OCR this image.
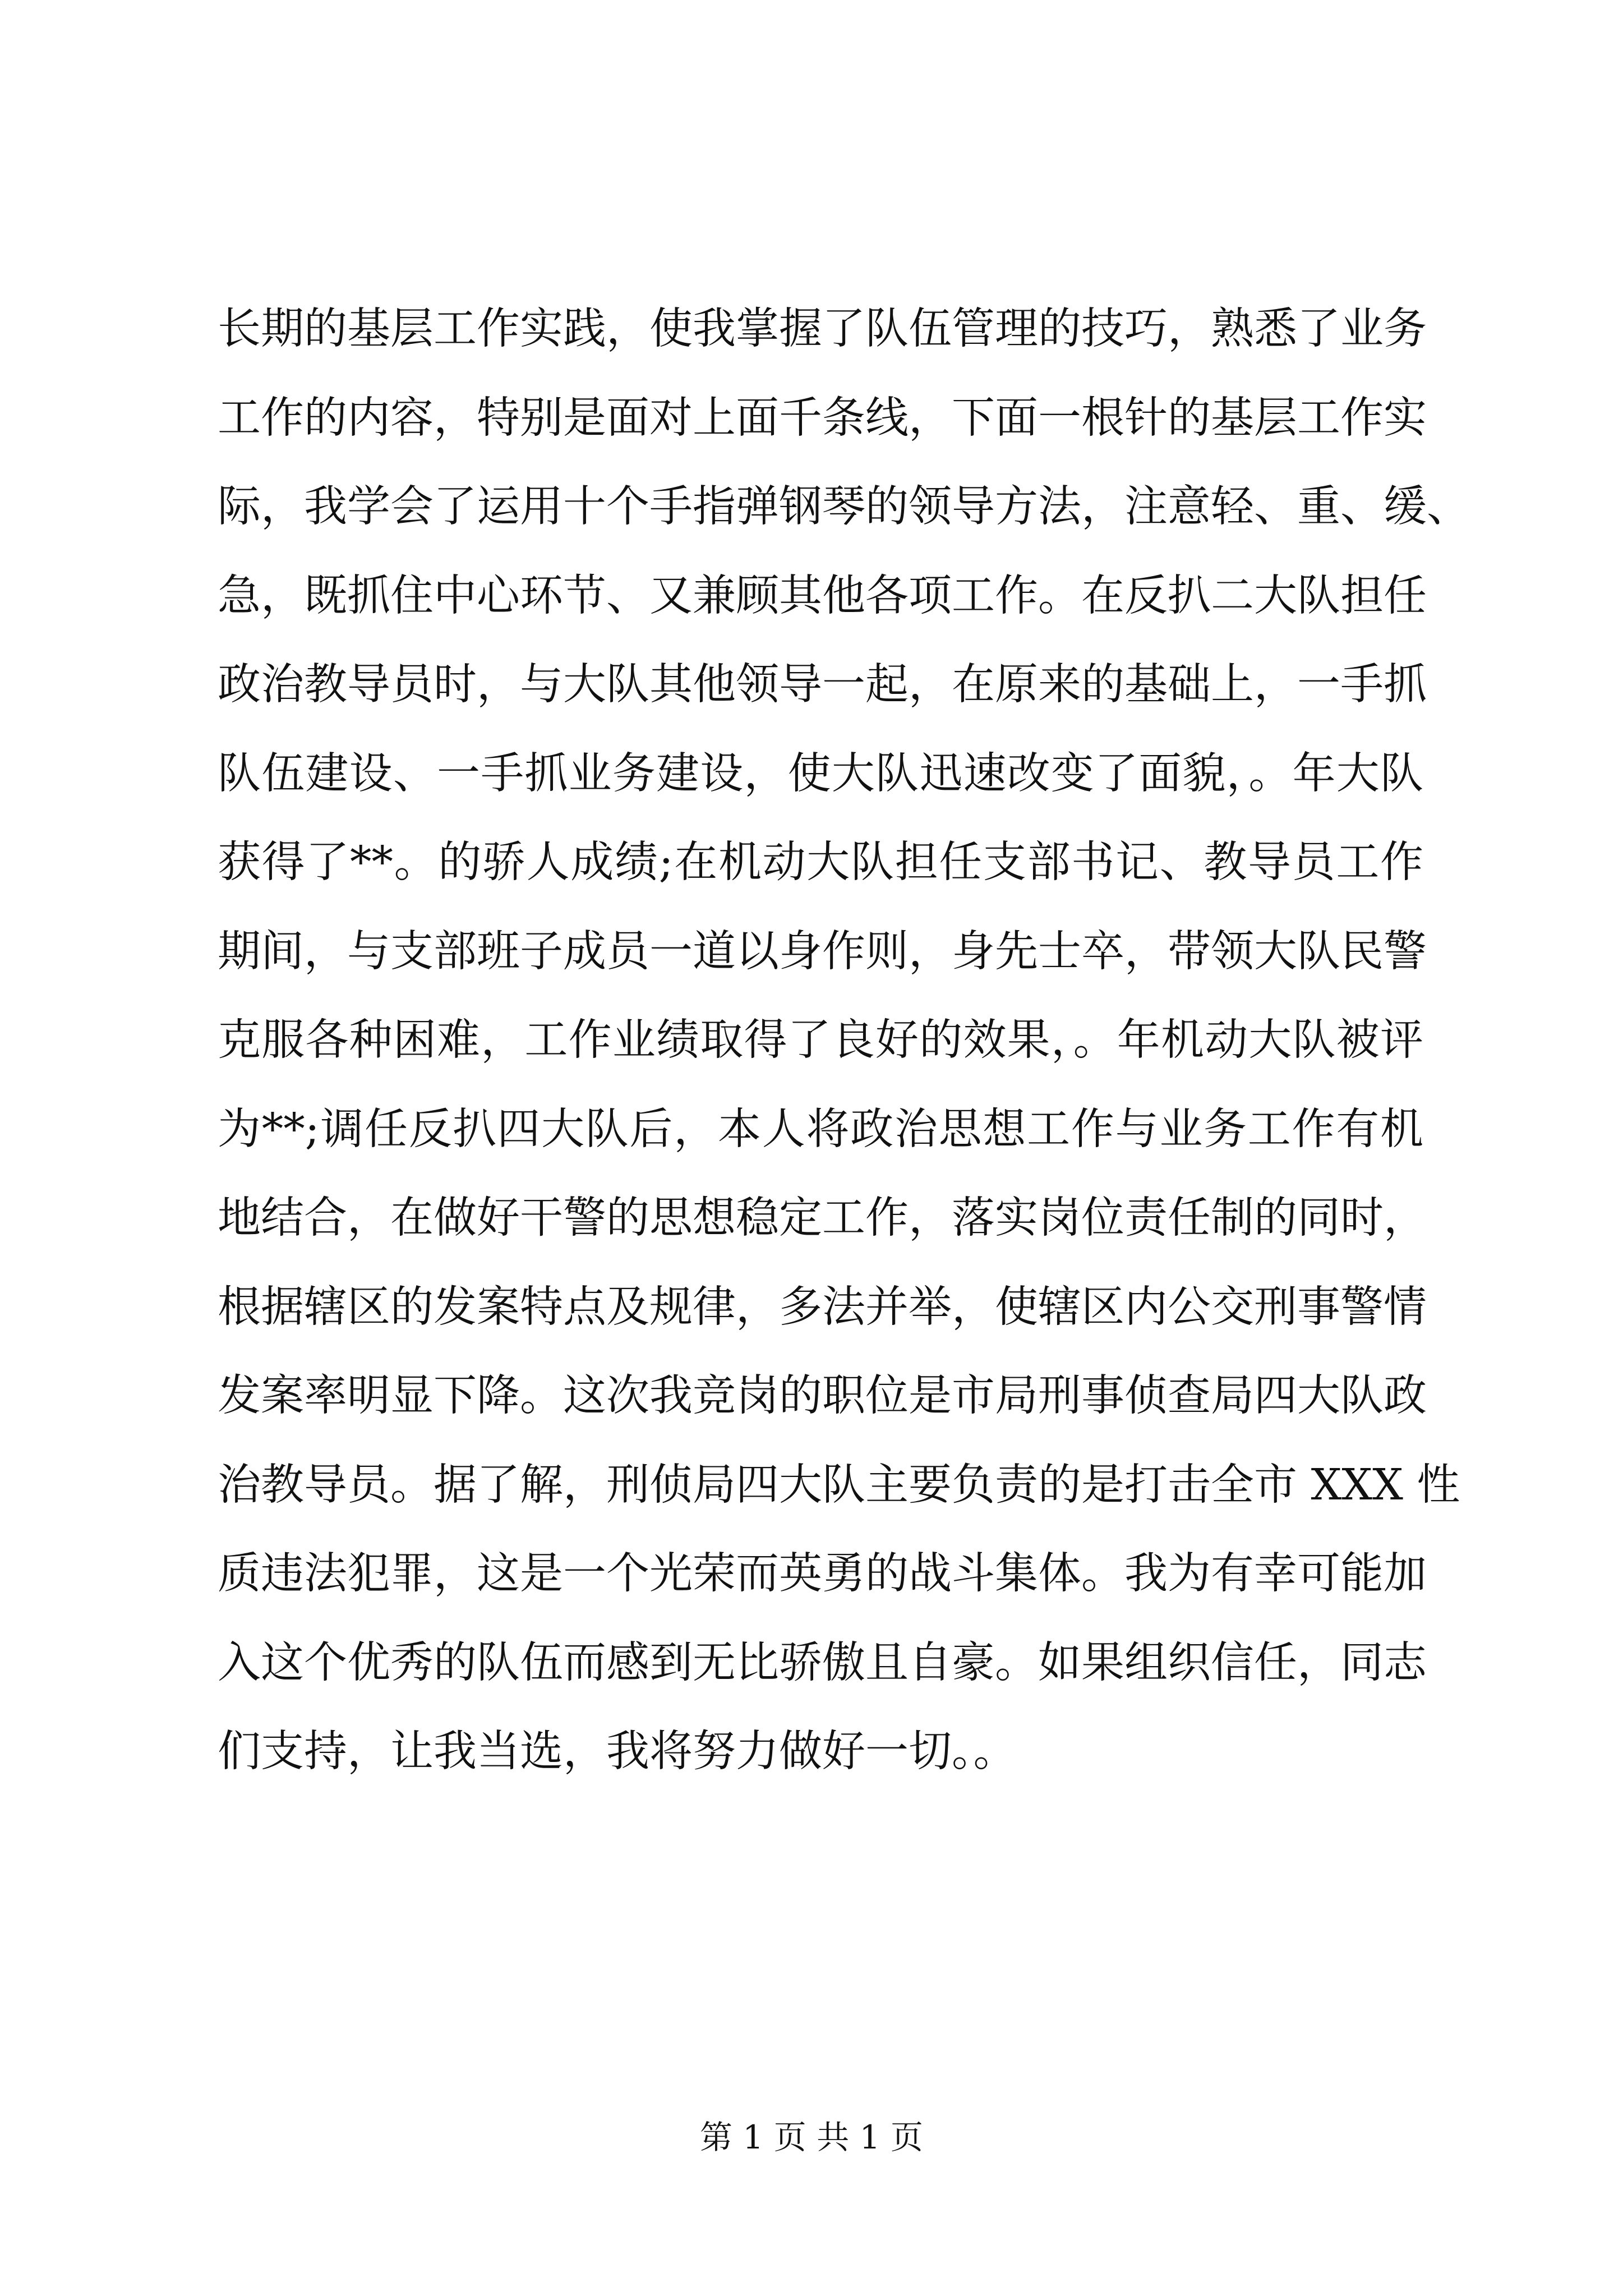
长期的基层工作实践，使我掌握了队伍管理的技巧，熟悉了业务
工作的内容，特别是面对上面千条线，下面一根针的基层工作实
际，我学会了运用十个手指弹钢琴的领导方法，注意轻、重、缓、
急，既抓住中心环节、又兼顾其他各项工作。在反扒二大队担任
政治教导员时，与大队其他领导一起，在原来的基础上，一手抓
队伍建设、一手抓业务建设，使大队迅速改变了面貌，。年大队
获得了**。的骄人成绩;在机动大队担任支部书记、教导员工作
期间，与支部班子成员一道以身作则，身先士卒，带领大队民警
克服各种困难，工作业绩取得了良好的效果，。年机动大队被评
为**;调任反扒四大队后，本人将政治思想工作与业务工作有机
地结合，在做好干警的思想稳定工作，落实岗位责任制的同时，
根据辖区的发案特点及规律，多法并举，使辖区内公交刑事警情
发案率明显下降。这次我竞岗的职位是市局刑事侦查局四大队政
治教导员。据了解，刑侦局四大队主要负责的是打击全市 XXX 性
质违法犯罪，这是一个光荣而英勇的战斗集体。我为有幸可能加
入这个优秀的队伍而感到无比骄傲且自豪。如果组织信任，同志
们支持，让我当选，我将努力做好一切。。
第 1 页 共 1 页
